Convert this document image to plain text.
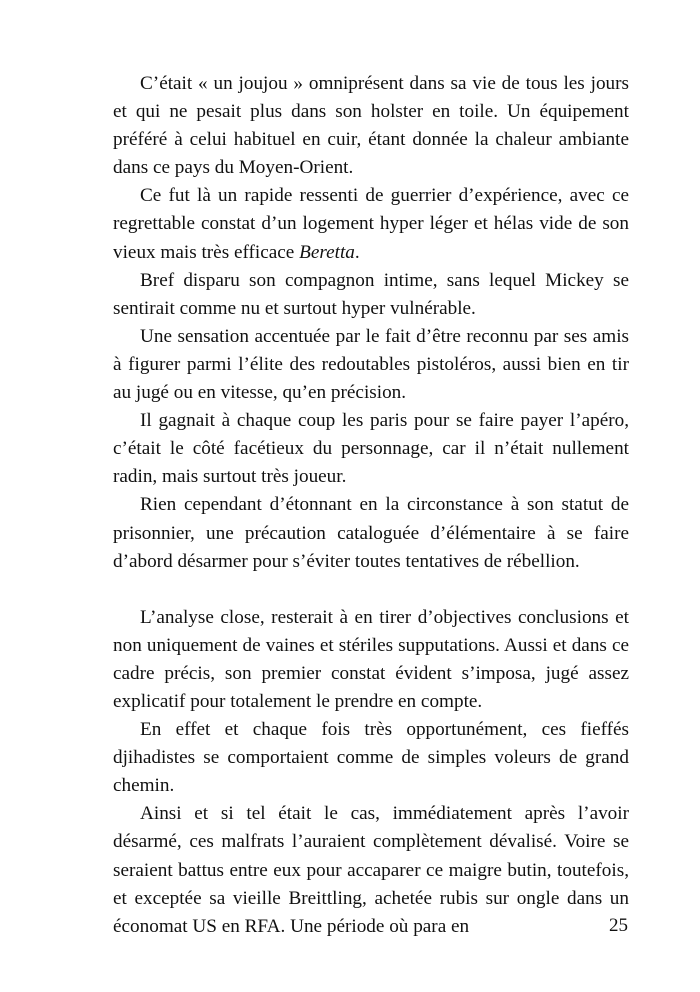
C’était « un joujou » omniprésent dans sa vie de tous les jours et qui ne pesait plus dans son holster en toile. Un équipement préféré à celui habituel en cuir, étant donnée la chaleur ambiante dans ce pays du Moyen-Orient.

Ce fut là un rapide ressenti de guerrier d’expérience, avec ce regrettable constat d’un logement hyper léger et hélas vide de son vieux mais très efficace Beretta.

Bref disparu son compagnon intime, sans lequel Mickey se sentirait comme nu et surtout hyper vulnérable.

Une sensation accentuée par le fait d’être reconnu par ses amis à figurer parmi l’élite des redoutables pistoléros, aussi bien en tir au jugé ou en vitesse, qu’en précision.

Il gagnait à chaque coup les paris pour se faire payer l’apéro, c’était le côté facétieux du personnage, car il n’était nullement radin, mais surtout très joueur.

Rien cependant d’étonnant en la circonstance à son statut de prisonnier, une précaution cataloguée d’élémentaire à se faire d’abord désarmer pour s’éviter toutes tentatives de rébellion.

L’analyse close, resterait à en tirer d’objectives conclusions et non uniquement de vaines et stériles supputations. Aussi et dans ce cadre précis, son premier constat évident s’imposa, jugé assez explicatif pour totalement le prendre en compte.

En effet et chaque fois très opportunément, ces fieffés djihadistes se comportaient comme de simples voleurs de grand chemin.

Ainsi et si tel était le cas, immédiatement après l’avoir désarmé, ces malfrats l’auraient complètement dévalisé. Voire se seraient battus entre eux pour accaparer ce maigre butin, toutefois, et exceptée sa vieille Breittling, achetée rubis sur ongle dans un économat US en RFA. Une période où para en	25
